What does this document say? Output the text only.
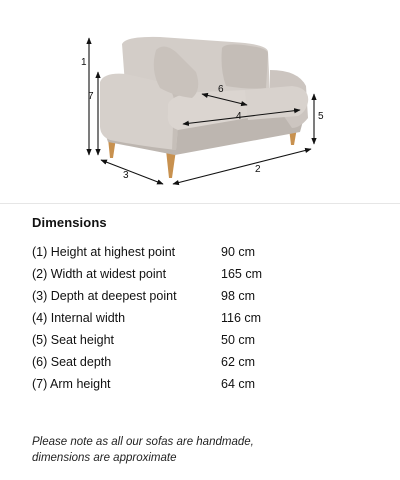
1
7
5
3
2
4
6
Dimensions
(1) Height at highest point	90 cm
(2) Width at widest point	165 cm
(3) Depth at deepest point	98 cm
(4) Internal width	116 cm
(5) Seat height	50 cm
(6) Seat depth	62 cm
(7) Arm height	64 cm
Please note as all our sofas are handmade,
dimensions are approximate
